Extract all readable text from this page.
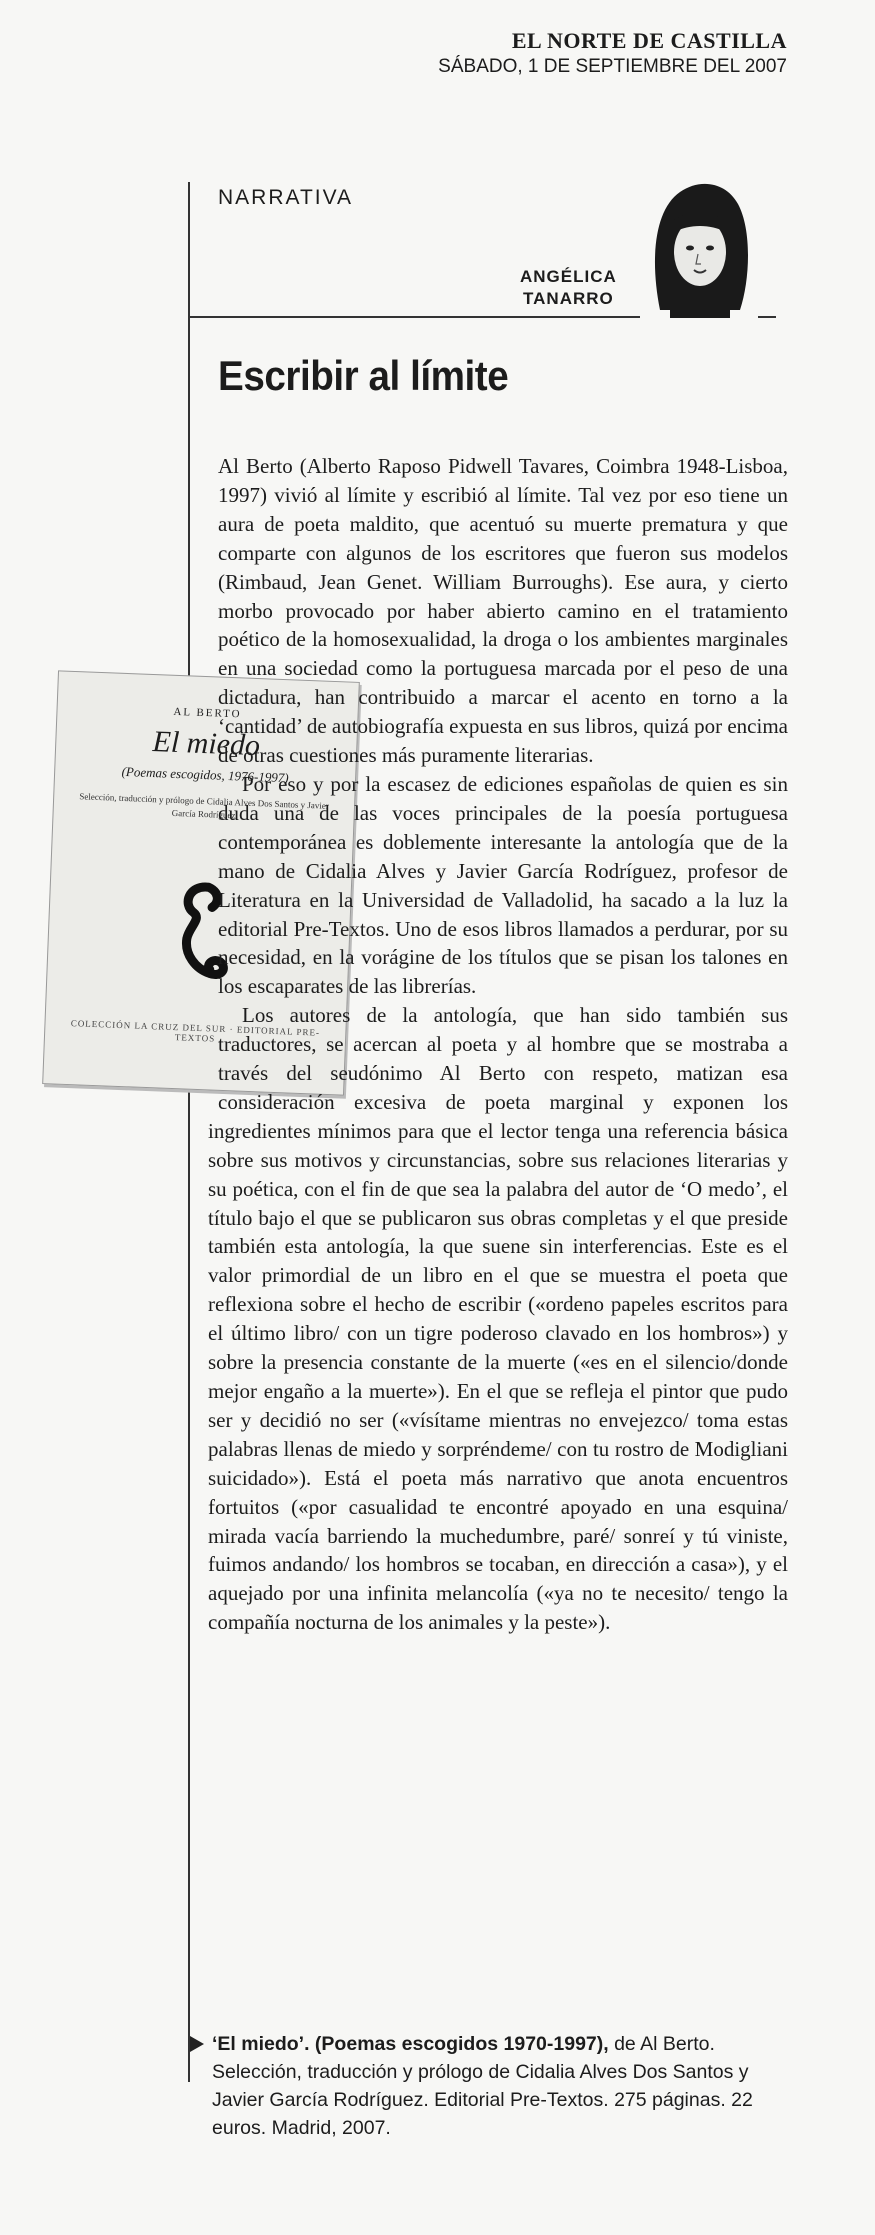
EL NORTE DE CASTILLA
SÁBADO, 1 DE SEPTIEMBRE DEL 2007
NARRATIVA
ANGÉLICA
TANARRO
Escribir al límite
AL BERTO
El miedo
(Poemas escogidos, 1976-1997)
Selección, traducción y prólogo de Cidalia Alves Dos Santos y Javier García Rodríguez
COLECCIÓN LA CRUZ DEL SUR · EDITORIAL PRE-TEXTOS

Al Berto (Alberto Raposo Pidwell Tavares, Coimbra 1948-Lisboa, 1997) vivió al límite y escribió al límite. Tal vez por eso tiene un aura de poeta maldito, que acentuó su muerte prematura y que comparte con algunos de los escritores que fueron sus modelos (Rimbaud, Jean Genet. William Burroughs). Ese aura, y cierto morbo provocado por haber abierto camino en el tratamiento poético de la homosexualidad, la droga o los ambientes marginales en una sociedad como la portuguesa marcada por el peso de una dictadura, han contribuido a marcar el acento en torno a la ‘cantidad’ de autobiografía expuesta en sus libros, quizá por encima de otras cuestiones más puramente literarias.

Por eso y por la escasez de ediciones españolas de quien es sin duda una de las voces principales de la poesía portuguesa contemporánea es doblemente interesante la antología que de la mano de Cidalia Alves y Javier García Rodríguez, profesor de Literatura en la Universidad de Valladolid, ha sacado a la luz la editorial Pre-Textos. Uno de esos libros llamados a perdurar, por su necesidad, en la vorágine de los títulos que se pisan los talones en los escaparates de las librerías.

Los autores de la antología, que han sido también sus traductores, se acercan al poeta y al hombre que se mostraba a través del seudónimo Al Berto con respeto, matizan esa consideración excesiva de poeta marginal y exponen los ingredientes mínimos para que el lector tenga una referencia básica sobre sus motivos y circunstancias, sobre sus relaciones literarias y su poética, con el fin de que sea la palabra del autor de ‘O medo’, el título bajo el que se publicaron sus obras completas y el que preside también esta antología, la que suene sin interferencias. Este es el valor primordial de un libro en el que se muestra el poeta que reflexiona sobre el hecho de escribir («ordeno papeles escritos para el último libro/ con un tigre poderoso clavado en los hombros») y sobre la presencia constante de la muerte («es en el silencio/donde mejor engaño a la muerte»). En el que se refleja el pintor que pudo ser y decidió no ser («vísítame mientras no envejezco/ toma estas palabras llenas de miedo y sorpréndeme/ con tu rostro de Modigliani suicidado»). Está el poeta más narrativo que anota encuentros fortuitos («por casualidad te encontré apoyado en una esquina/ mirada vacía barriendo la muchedumbre, paré/ sonreí y tú viniste, fuimos andando/ los hombros se tocaban, en dirección a casa»), y el aquejado por una infinita melancolía («ya no te necesito/ tengo la compañía nocturna de los animales y la peste»).

‘El miedo’. (Poemas escogidos 1970-1997), de Al Berto. Selección, traducción y prólogo de Cidalia Alves Dos Santos y Javier García Rodríguez. Editorial Pre-Textos. 275 páginas. 22 euros. Madrid, 2007.
